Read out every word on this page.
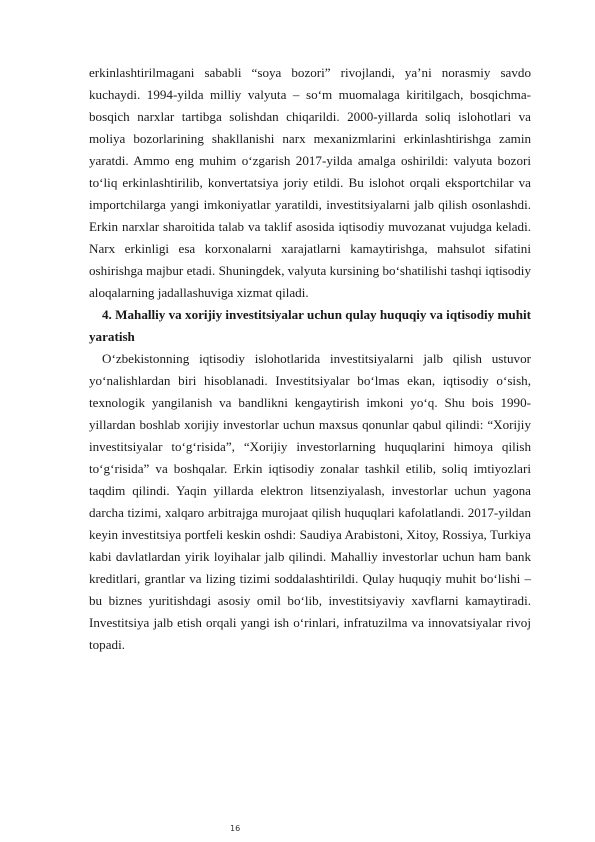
erkinlashtirilmagani sababli “soya bozori” rivojlandi, ya’ni norasmiy savdo kuchaydi. 1994-yilda milliy valyuta – so‘m muomalaga kiritilgach, bosqichma-bosqich narxlar tartibga solishdan chiqarildi. 2000-yillarda soliq islohotlari va moliya bozorlarining shakllanishi narx mexanizmlarini erkinlashtirishga zamin yaratdi. Ammo eng muhim o‘zgarish 2017-yilda amalga oshirildi: valyuta bozori to‘liq erkinlashtirilib, konvertatsiya joriy etildi. Bu islohot orqali eksportchilar va importchilarga yangi imkoniyatlar yaratildi, investitsiyalarni jalb qilish osonlashdi. Erkin narxlar sharoitida talab va taklif asosida iqtisodiy muvozanat vujudga keladi. Narx erkinligi esa korxonalarni xarajatlarni kamaytirishga, mahsulot sifatini oshirishga majbur etadi. Shuningdek, valyuta kursining bo‘shatilishi tashqi iqtisodiy aloqalarning jadallashuviga xizmat qiladi.

4. Mahalliy va xorijiy investitsiyalar uchun qulay huquqiy va iqtisodiy muhit yaratish

O‘zbekistonning iqtisodiy islohotlarida investitsiyalarni jalb qilish ustuvor yo‘nalishlardan biri hisoblanadi. Investitsiyalar bo‘lmas ekan, iqtisodiy o‘sish, texnologik yangilanish va bandlikni kengaytirish imkoni yo‘q. Shu bois 1990-yillardan boshlab xorijiy investorlar uchun maxsus qonunlar qabul qilindi: “Xorijiy investitsiyalar to‘g‘risida”, “Xorijiy investorlarning huquqlarini himoya qilish to‘g‘risida” va boshqalar. Erkin iqtisodiy zonalar tashkil etilib, soliq imtiyozlari taqdim qilindi. Yaqin yillarda elektron litsenziyalash, investorlar uchun yagona darcha tizimi, xalqaro arbitrajga murojaat qilish huquqlari kafolatlandi. 2017-yildan keyin investitsiya portfeli keskin oshdi: Saudiya Arabistoni, Xitoy, Rossiya, Turkiya kabi davlatlardan yirik loyihalar jalb qilindi. Mahalliy investorlar uchun ham bank kreditlari, grantlar va lizing tizimi soddalashtirildi. Qulay huquqiy muhit bo‘lishi – bu biznes yuritishdagi asosiy omil bo‘lib, investitsiyaviy xavflarni kamaytiradi. Investitsiya jalb etish orqali yangi ish o‘rinlari, infratuzilma va innovatsiyalar rivoj topadi.

16
